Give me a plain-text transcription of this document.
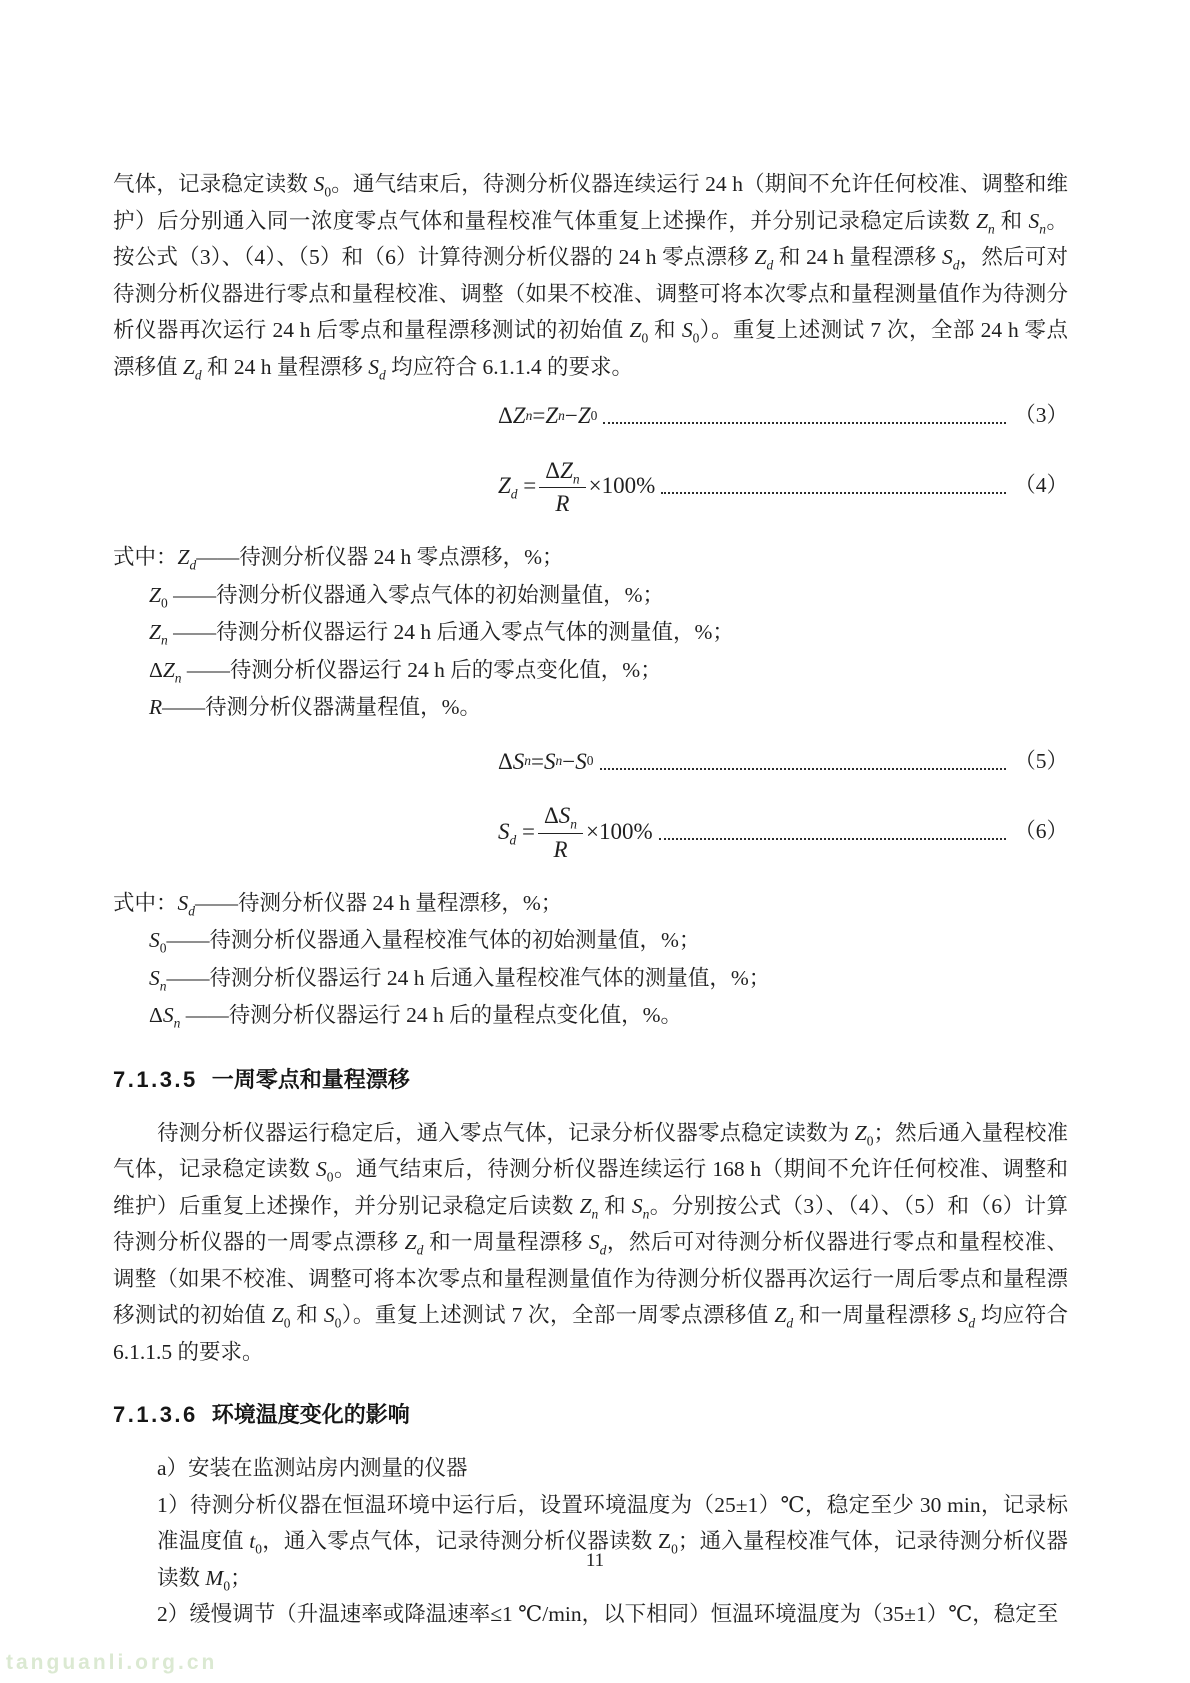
气体，记录稳定读数 $S_0$。通气结束后，待测分析仪器连续运行 24 h（期间不允许任何校准、调整和维护）后分别通入同一浓度零点气体和量程校准气体重复上述操作，并分别记录稳定后读数 $Z_n$ 和 $S_n$。按公式（3）、（4）、（5）和（6）计算待测分析仪器的 24 h 零点漂移 $Z_d$ 和 24 h 量程漂移 $S_d$，然后可对待测分析仪器进行零点和量程校准、调整（如果不校准、调整可将本次零点和量程测量值作为待测分析仪器再次运行 24 h 后零点和量程漂移测试的初始值 $Z_0$ 和 $S_0$）。重复上述测试 7 次，全部 24 h 零点漂移值 $Z_d$ 和 24 h 量程漂移 $S_d$ 均应符合 6.1.1.4 的要求。

Δ Z n = Z n − Z 0	（3）
$Z_d = \frac{\Delta Z_n}{R} \times 100\%$	（4）
式中：$Z_d——$待测分析仪器 24 h 零点漂移，%；
$Z_0$ ——待测分析仪器通入零点气体的初始测量值，%；
$Z_n$ ——待测分析仪器运行 24 h 后通入零点气体的测量值，%；
$\Delta Z_n$ ——待测分析仪器运行 24 h 后的零点变化值，%；
R——待测分析仪器满量程值，%。
Δ S n = S n − S 0	（5）
$S_d = \frac{\Delta S_n}{R} \times 100\%$	（6）
式中：$S_d——$待测分析仪器 24 h 量程漂移，%；
$S_0——$待测分析仪器通入量程校准气体的初始测量值，%；
$S_n——$待测分析仪器运行 24 h 后通入量程校准气体的测量值，%；
$\Delta S_n$ ——待测分析仪器运行 24 h 后的量程点变化值，%。
7.1.3.5 一周零点和量程漂移

待测分析仪器运行稳定后，通入零点气体，记录分析仪器零点稳定读数为 $Z_0$；然后通入量程校准气体，记录稳定读数 $S_0$。通气结束后，待测分析仪器连续运行 168 h（期间不允许任何校准、调整和维护）后重复上述操作，并分别记录稳定后读数 $Z_n$ 和 $S_n$。分别按公式（3）、（4）、（5）和（6）计算待测分析仪器的一周零点漂移 $Z_d$ 和一周量程漂移 $S_d$，然后可对待测分析仪器进行零点和量程校准、调整（如果不校准、调整可将本次零点和量程测量值作为待测分析仪器再次运行一周后零点和量程漂移测试的初始值 $Z_0$ 和 $S_0$）。重复上述测试 7 次，全部一周零点漂移值 $Z_d$ 和一周量程漂移 $S_d$ 均应符合 6.1.1.5 的要求。

7.1.3.6 环境温度变化的影响
a）安装在监测站房内测量的仪器
1）待测分析仪器在恒温环境中运行后，设置环境温度为（25±1）℃，稳定至少 30 min，记录标准温度值 $t_0$，通入零点气体，记录待测分析仪器读数 $Z_0$；通入量程校准气体，记录待测分析仪器读数 $M_0$；
2）缓慢调节（升温速率或降温速率≤1 ℃/min，以下相同）恒温环境温度为（35±1）℃，稳定至
11
tanguanli.org.cn
